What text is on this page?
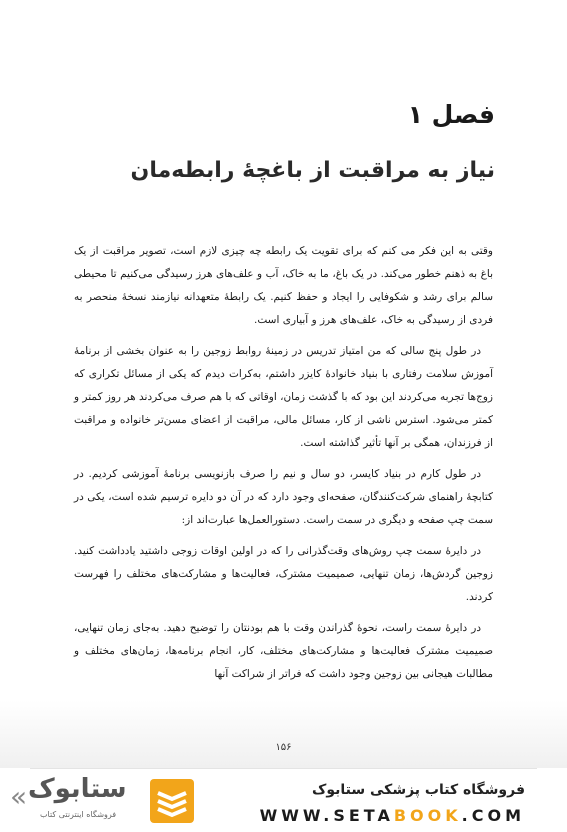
فصل ۱
نیاز به مراقبت از باغچهٔ رابطه‌مان

وقتی به این فکر می کنم که برای تقویت یک رابطه چه چیزی لازم است، تصویر مراقبت از یک باغ به ذهنم خطور می‌کند. در یک باغ، ما به خاک، آب و علف‌های هرز رسیدگی می‌کنیم تا محیطی سالم برای رشد و شکوفایی را ایجاد و حفظ کنیم. یک رابطهٔ متعهدانه نیازمند نسخهٔ منحصر به فردی از رسیدگی به خاک، علف‌های هرز و آبیاری است.

در طول پنج سالی که من امتیاز تدریس در زمینهٔ روابط زوجین را به عنوان بخشی از برنامهٔ آموزش سلامت رفتاری با بنیاد خانوادهٔ کایزر داشتم، به‌کرات دیدم که یکی از مسائل تکراری که زوج‌ها تجربه می‌کردند این بود که با گذشت زمان، اوقاتی که با هم صرف می‌کردند هر روز کمتر و کمتر می‌شود. استرس ناشی از کار، مسائل مالی، مراقبت از اعضای مسن‌تر خانواده و مراقبت از فرزندان، همگی بر آنها تأثیر گذاشته است.

در طول کارم در بنیاد کایسر، دو سال و نیم را صرف بازنویسی برنامهٔ آموزشی کردیم. در کتابچهٔ راهنمای شرکت‌کنندگان، صفحه‌ای وجود دارد که در آن دو دایره ترسیم شده است، یکی در سمت چپ صفحه و دیگری در سمت راست. دستورالعمل‌ها عبارت‌اند از:

در دایرهٔ سمت چپ روش‌های وقت‌گذرانی را که در اولین اوقات زوجی داشتید یادداشت کنید. زوجین گردش‌ها، زمان تنهایی، صمیمیت مشترک، فعالیت‌ها و مشارکت‌های مختلف را فهرست کردند.

در دایرهٔ سمت راست، نحوهٔ گذراندن وقت با هم بودنتان را توضیح دهید. به‌جای زمان تنهایی، صمیمیت مشترک فعالیت‌ها و مشارکت‌های مختلف، کار، انجام برنامه‌ها، زمان‌های مختلف و مطالبات هیجانی بین زوجین وجود داشت که فراتر از شراکت آنها

۱۵۶
« ستابوک
فروشگاه اینترنتی کتاب
فروشگاه کتاب پزشکی ستابوک
WWW.SETABOOK.COM
